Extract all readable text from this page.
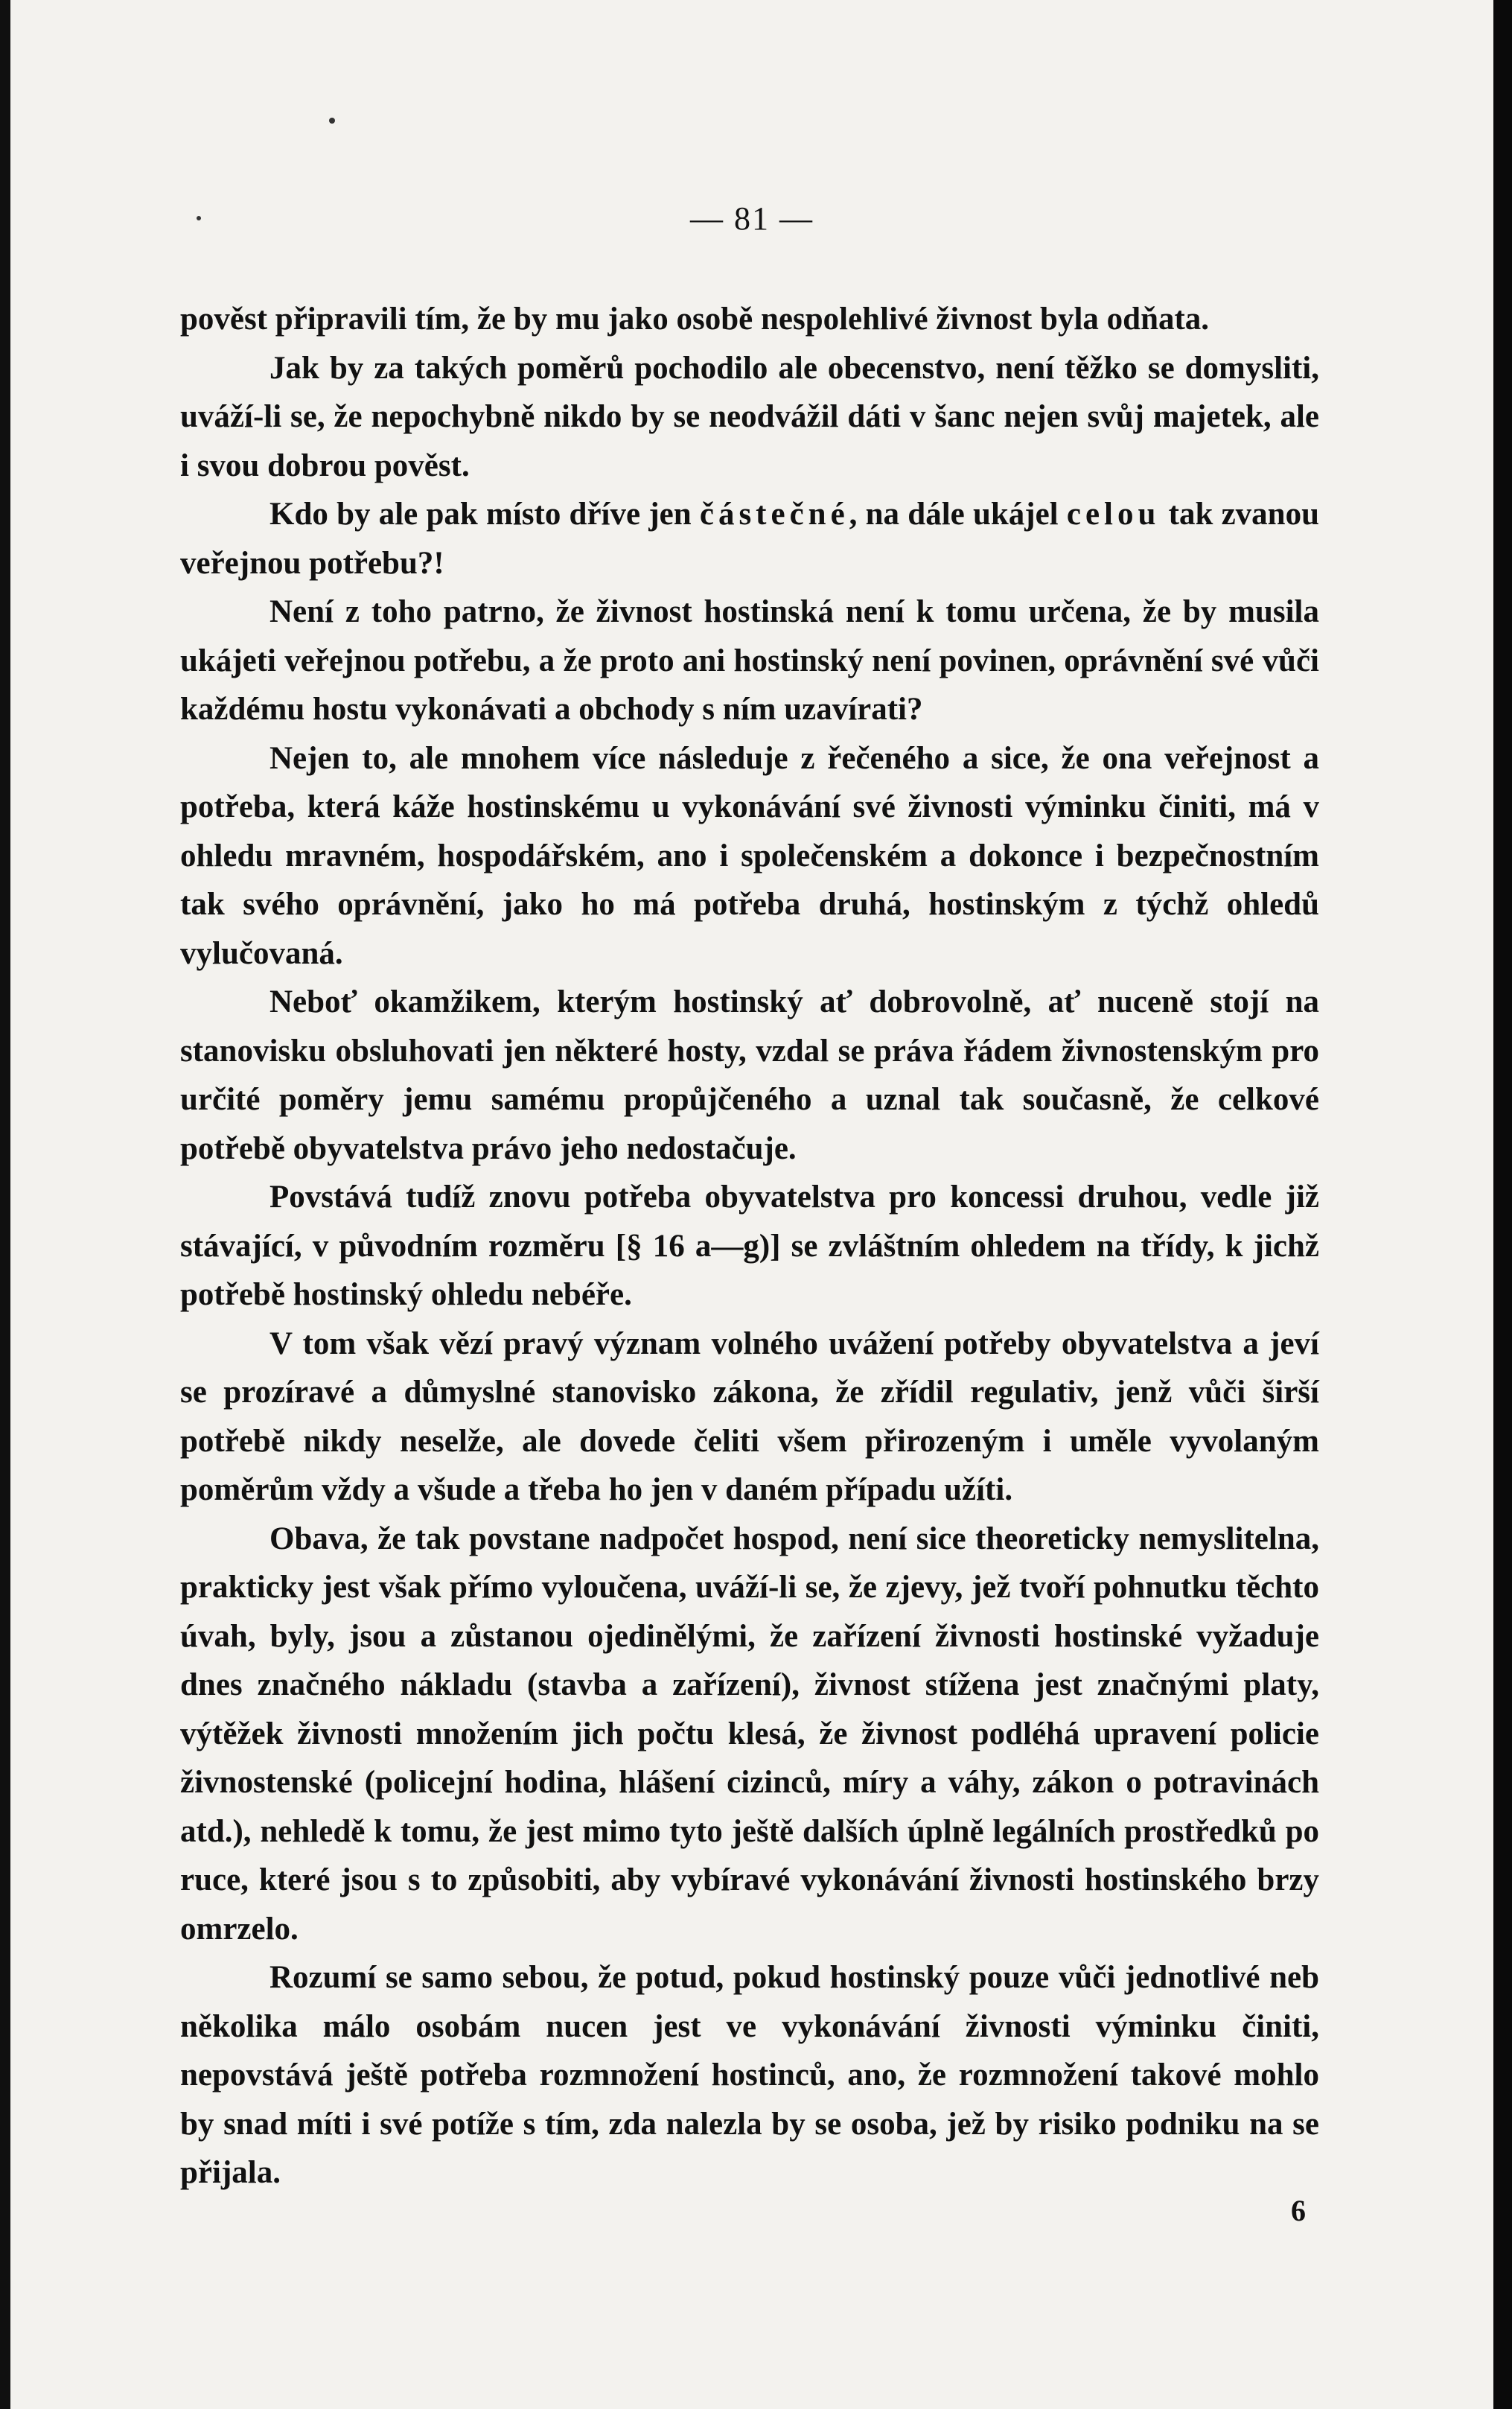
— 81 —

pověst připravili tím, že by mu jako osobě nespolehlivé živnost byla odňata.

Jak by za takých poměrů pochodilo ale obecenstvo, není těžko se domysliti, uváží-li se, že nepochybně nikdo by se neodvážil dáti v šanc nejen svůj majetek, ale i svou dobrou pověst.

Kdo by ale pak místo dříve jen částečné, na dále ukájel celou tak zvanou veřejnou potřebu?!

Není z toho patrno, že živnost hostinská není k tomu určena, že by musila ukájeti veřejnou potřebu, a že proto ani hostinský není povinen, oprávnění své vůči každému hostu vykonávati a obchody s ním uzavírati?

Nejen to, ale mnohem více následuje z řečeného a sice, že ona veřejnost a potřeba, která káže hostinskému u vykonávání své živnosti výminku činiti, má v ohledu mravném, hospodářském, ano i společenském a dokonce i bezpečnostním tak svého oprávnění, jako ho má potřeba druhá, hostinským z týchž ohledů vylučovaná.

Neboť okamžikem, kterým hostinský ať dobrovolně, ať nuceně stojí na stanovisku obsluhovati jen některé hosty, vzdal se práva řádem živnostenským pro určité poměry jemu samému propůjčeného a uznal tak současně, že celkové potřebě obyvatelstva právo jeho nedostačuje.

Povstává tudíž znovu potřeba obyvatelstva pro koncessi druhou, vedle již stávající, v původním rozměru [§ 16 a—g)] se zvláštním ohledem na třídy, k jichž potřebě hostinský ohledu nebéře.

V tom však vězí pravý význam volného uvážení potřeby obyvatelstva a jeví se prozíravé a důmyslné stanovisko zákona, že zřídil regulativ, jenž vůči širší potřebě nikdy neselže, ale dovede čeliti všem přirozeným i uměle vyvolaným poměrům vždy a všude a třeba ho jen v daném případu užíti.

Obava, že tak povstane nadpočet hospod, není sice theoreticky nemyslitelna, prakticky jest však přímo vyloučena, uváží-li se, že zjevy, jež tvoří pohnutku těchto úvah, byly, jsou a zůstanou ojedinělými, že zařízení živnosti hostinské vyžaduje dnes značného nákladu (stavba a zařízení), živnost stížena jest značnými platy, výtěžek živnosti množením jich počtu klesá, že živnost podléhá upravení policie živnostenské (policejní hodina, hlášení cizinců, míry a váhy, zákon o potravinách atd.), nehledě k tomu, že jest mimo tyto ještě dalších úplně legálních prostředků po ruce, které jsou s to způsobiti, aby vybíravé vykonávání živnosti hostinského brzy omrzelo.

Rozumí se samo sebou, že potud, pokud hostinský pouze vůči jednotlivé neb několika málo osobám nucen jest ve vykonávání živnosti výminku činiti, nepovstává ještě potřeba rozmnožení hostinců, ano, že rozmnožení takové mohlo by snad míti i své potíže s tím, zda nalezla by se osoba, jež by risiko podniku na se přijala.

6
